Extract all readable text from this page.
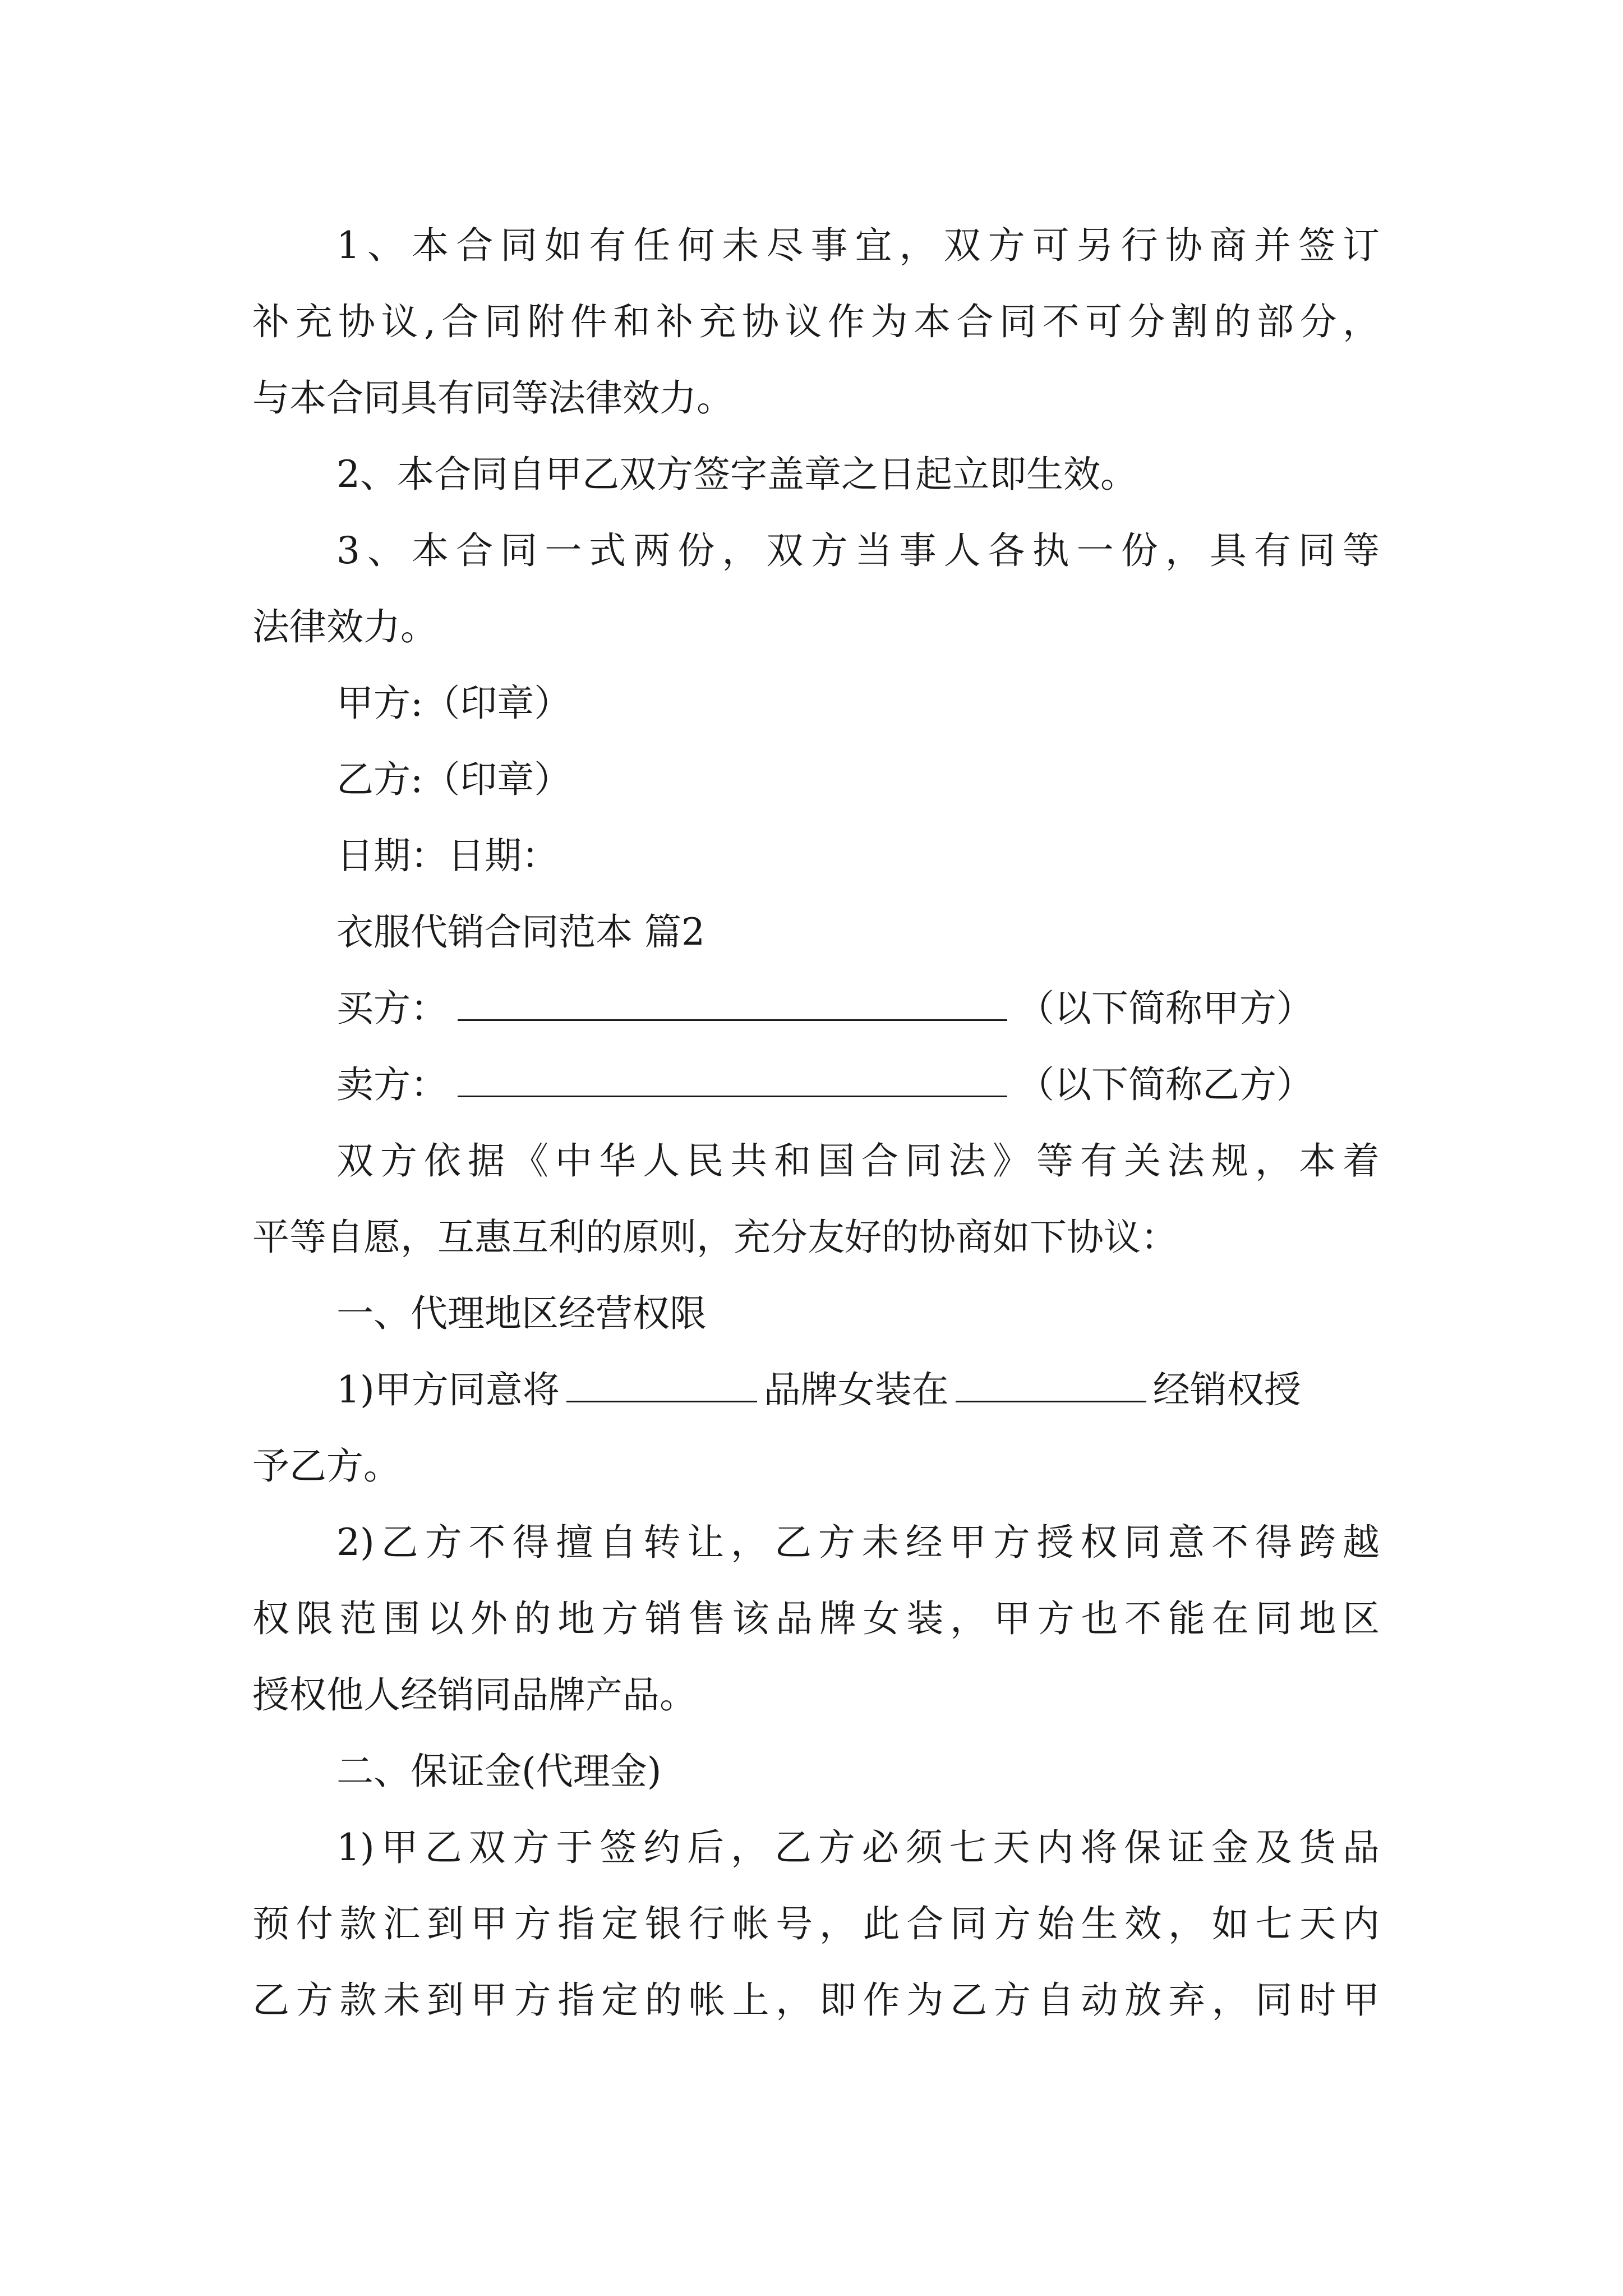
1、本合同如有任何未尽事宜，双方可另行协商并签订

补充协议,合同附件和补充协议作为本合同不可分割的部分，

与本合同具有同等法律效力。

2、本合同自甲乙双方签字盖章之日起立即生效。

3、本合同一式两份，双方当事人各执一份，具有同等

法律效力。

甲方:（印章）

乙方:（印章）

日期：日期：

衣服代销合同范本 篇2

买方：	（以下简称甲方）

卖方：	（以下简称乙方）

双方依据《中华人民共和国合同法》等有关法规，本着

平等自愿，互惠互利的原则，充分友好的协商如下协议：

一、代理地区经营权限

1)甲方同意将	品牌女装在	经销权授

予乙方。

2)乙方不得擅自转让，乙方未经甲方授权同意不得跨越

权限范围以外的地方销售该品牌女装，甲方也不能在同地区

授权他人经销同品牌产品。

二、保证金(代理金)

1)甲乙双方于签约后，乙方必须七天内将保证金及货品

预付款汇到甲方指定银行帐号，此合同方始生效，如七天内

乙方款未到甲方指定的帐上，即作为乙方自动放弃，同时甲
